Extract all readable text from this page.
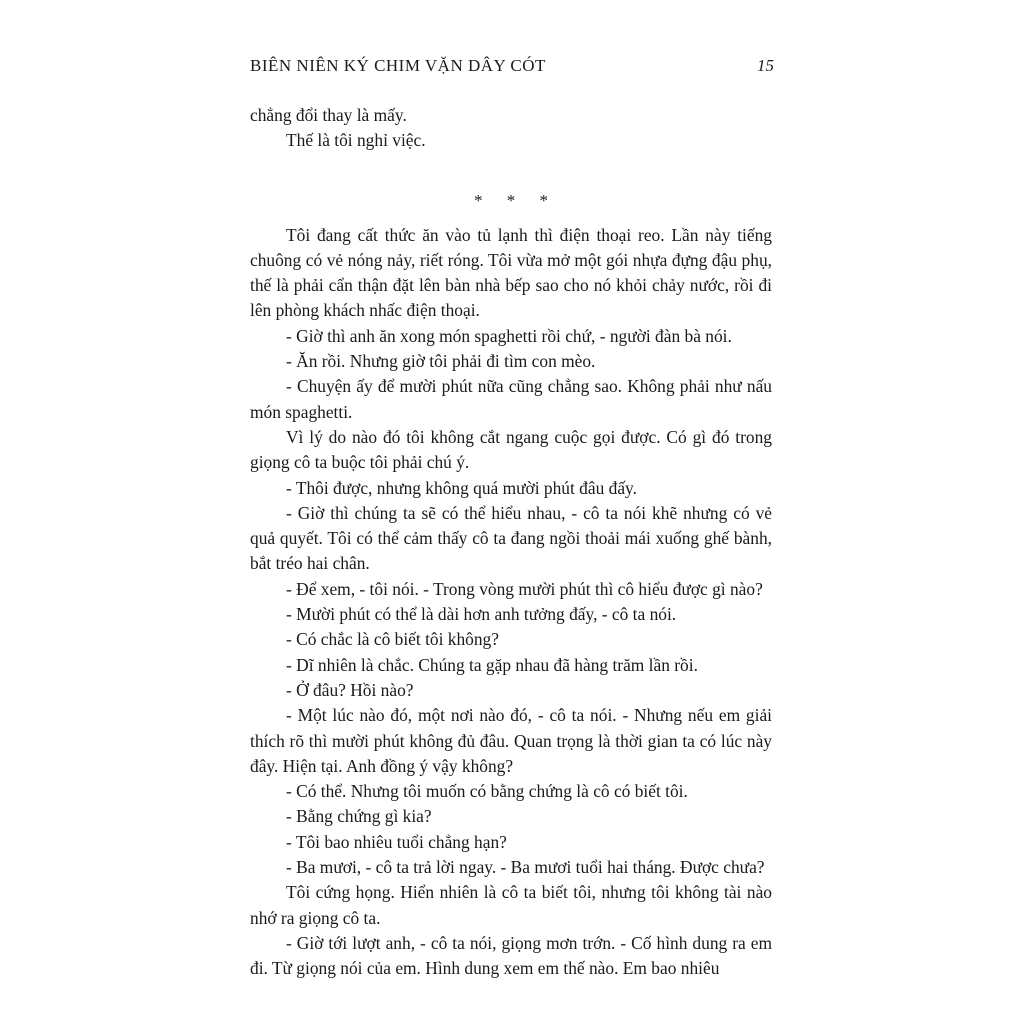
BIÊN NIÊN KÝ CHIM VẶN DÂY CÓT	15

chẳng đổi thay là mấy.

Thế là tôi nghỉ việc.

* * *

Tôi đang cất thức ăn vào tủ lạnh thì điện thoại reo. Lần này tiếng chuông có vẻ nóng nảy, riết róng. Tôi vừa mở một gói nhựa đựng đậu phụ, thế là phải cẩn thận đặt lên bàn nhà bếp sao cho nó khỏi chảy nước, rồi đi lên phòng khách nhấc điện thoại.

- Giờ thì anh ăn xong món spaghetti rồi chứ, - người đàn bà nói.

- Ăn rồi. Nhưng giờ tôi phải đi tìm con mèo.

- Chuyện ấy để mười phút nữa cũng chẳng sao. Không phải như nấu món spaghetti.

Vì lý do nào đó tôi không cắt ngang cuộc gọi được. Có gì đó trong giọng cô ta buộc tôi phải chú ý.

- Thôi được, nhưng không quá mười phút đâu đấy.

- Giờ thì chúng ta sẽ có thể hiểu nhau, - cô ta nói khẽ nhưng có vẻ quả quyết. Tôi có thể cảm thấy cô ta đang ngồi thoải mái xuống ghế bành, bắt tréo hai chân.

- Để xem, - tôi nói. - Trong vòng mười phút thì cô hiểu được gì nào?

- Mười phút có thể là dài hơn anh tưởng đấy, - cô ta nói.

- Có chắc là cô biết tôi không?

- Dĩ nhiên là chắc. Chúng ta gặp nhau đã hàng trăm lần rồi.

- Ở đâu? Hồi nào?

- Một lúc nào đó, một nơi nào đó, - cô ta nói. - Nhưng nếu em giải thích rõ thì mười phút không đủ đâu. Quan trọng là thời gian ta có lúc này đây. Hiện tại. Anh đồng ý vậy không?

- Có thể. Nhưng tôi muốn có bằng chứng là cô có biết tôi.

- Bằng chứng gì kia?

- Tôi bao nhiêu tuổi chẳng hạn?

- Ba mươi, - cô ta trả lời ngay. - Ba mươi tuổi hai tháng. Được chưa?

Tôi cứng họng. Hiển nhiên là cô ta biết tôi, nhưng tôi không tài nào nhớ ra giọng cô ta.

- Giờ tới lượt anh, - cô ta nói, giọng mơn trớn. - Cố hình dung ra em đi. Từ giọng nói của em. Hình dung xem em thế nào. Em bao nhiêu
